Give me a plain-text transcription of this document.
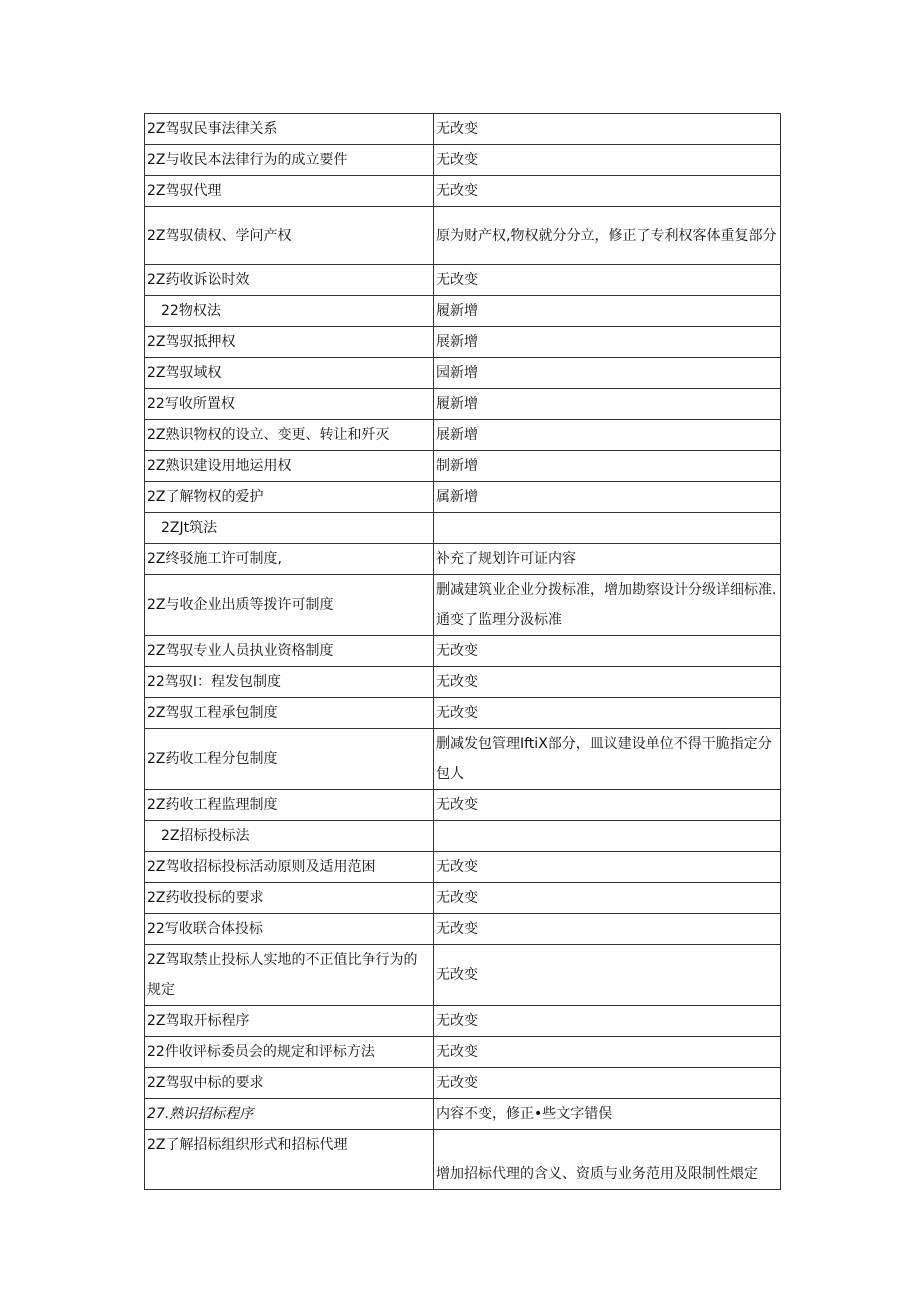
2Z驾驭民事法律关系	无改变
2Z与收民本法律行为的成立要件	无改变
2Z驾驭代理	无改变
2Z驾驭债权、学问产权	原为财产权,物权就分分立，修正了专利权客体重复部分
2Z药收诉讼时效	无改变
22物权法	履新增
2Z驾驭抵押权	展新增
2Z驾驭域权	园新增
22写收所置权	履新增
2Z熟识物权的设立、变更、转让和歼灭	展新增
2Z熟识建设用地运用权	制新增
2Z了解物权的爱护	属新增
2ZJt筑法	
2Z终驳施工许可制度,	补充了规划许可证内容
2Z与收企业出质等拨许可制度	删减建筑业企业分拨标准，增加勘察设计分级详细标准.通变了监理分汲标准
2Z驾驭专业人员执业资格制度	无改变
22驾驭I：程发包制度	无改变
2Z驾驭工程承包制度	无改变
2Z药收工程分包制度	删减发包管理IftiX部分，皿议建设单位不得干脆指定分包人
2Z药收工程监理制度	无改变
2Z招标投标法	
2Z驾收招标投标活动原则及适用范困	无改变
2Z药收投标的要求	无改变
22写收联合体投标	无改变
2Z驾取禁止投标人实地的不正值比争行为的规定	无改变
2Z驾取开标程序	无改变
22件收评标委员会的规定和评标方法	无改变
2Z驾驭中标的要求	无改变
27.熟识招标程序	内容不变，修正•些文字错俣
2Z了解招标组织形式和招标代理	增加招标代理的含义、资质与业务范用及限制性煨定
